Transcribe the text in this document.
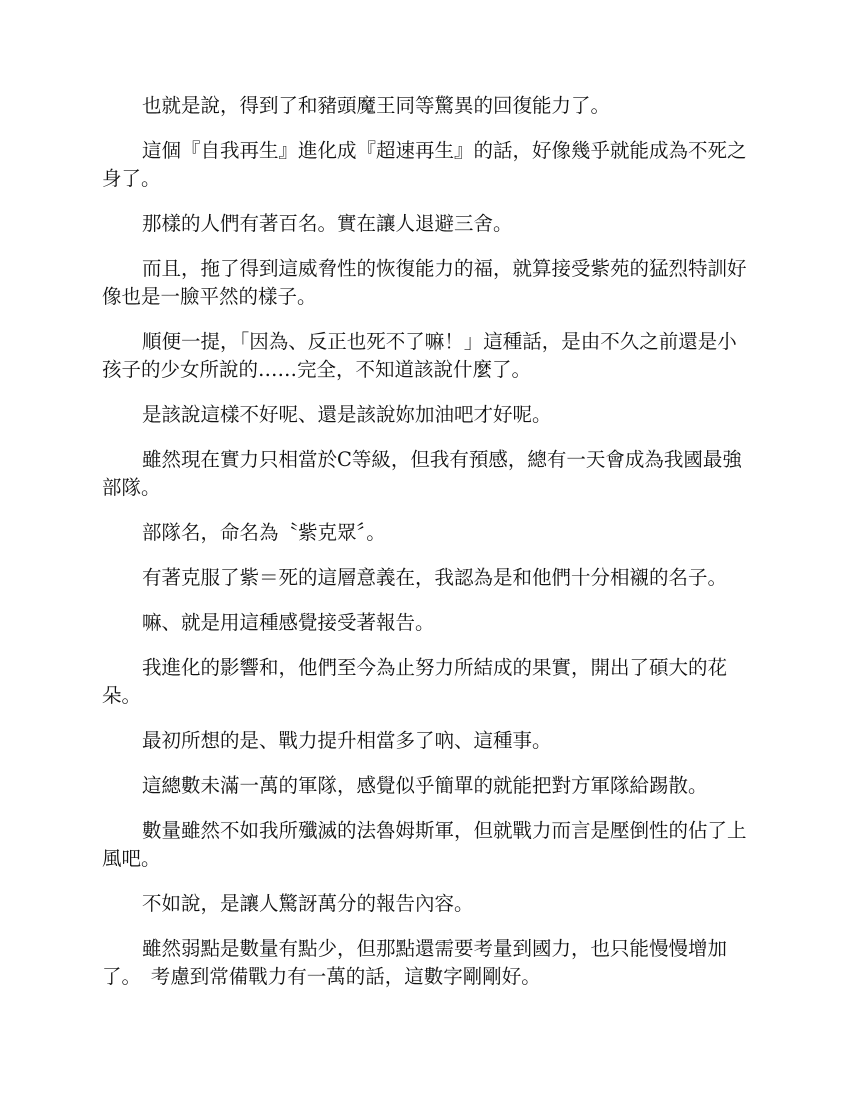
也就是說，得到了和豬頭魔王同等驚異的回復能力了。

這個『自我再生』進化成『超速再生』的話，好像幾乎就能成為不死之身了。

那樣的人們有著百名。實在讓人退避三舍。

而且，拖了得到這威脅性的恢復能力的福，就算接受紫苑的猛烈特訓好像也是一臉平然的樣子。

順便一提，「因為、反正也死不了嘛！」這種話，是由不久之前還是小孩子的少女所說的……完全，不知道該說什麼了。

是該說這樣不好呢、還是該說妳加油吧才好呢。

雖然現在實力只相當於C等級，但我有預感，總有一天會成為我國最強部隊。

部隊名，命名為〝紫克眾〞。

有著克服了紫＝死的這層意義在，我認為是和他們十分相襯的名子。

嘛、就是用這種感覺接受著報告。

我進化的影響和，他們至今為止努力所結成的果實，開出了碩大的花朵。

最初所想的是、戰力提升相當多了吶、這種事。

這總數未滿一萬的軍隊，感覺似乎簡單的就能把對方軍隊給踢散。

數量雖然不如我所殲滅的法魯姆斯軍，但就戰力而言是壓倒性的佔了上風吧。

不如說，是讓人驚訝萬分的報告內容。

雖然弱點是數量有點少，但那點還需要考量到國力，也只能慢慢增加了。　考慮到常備戰力有一萬的話，這數字剛剛好。
